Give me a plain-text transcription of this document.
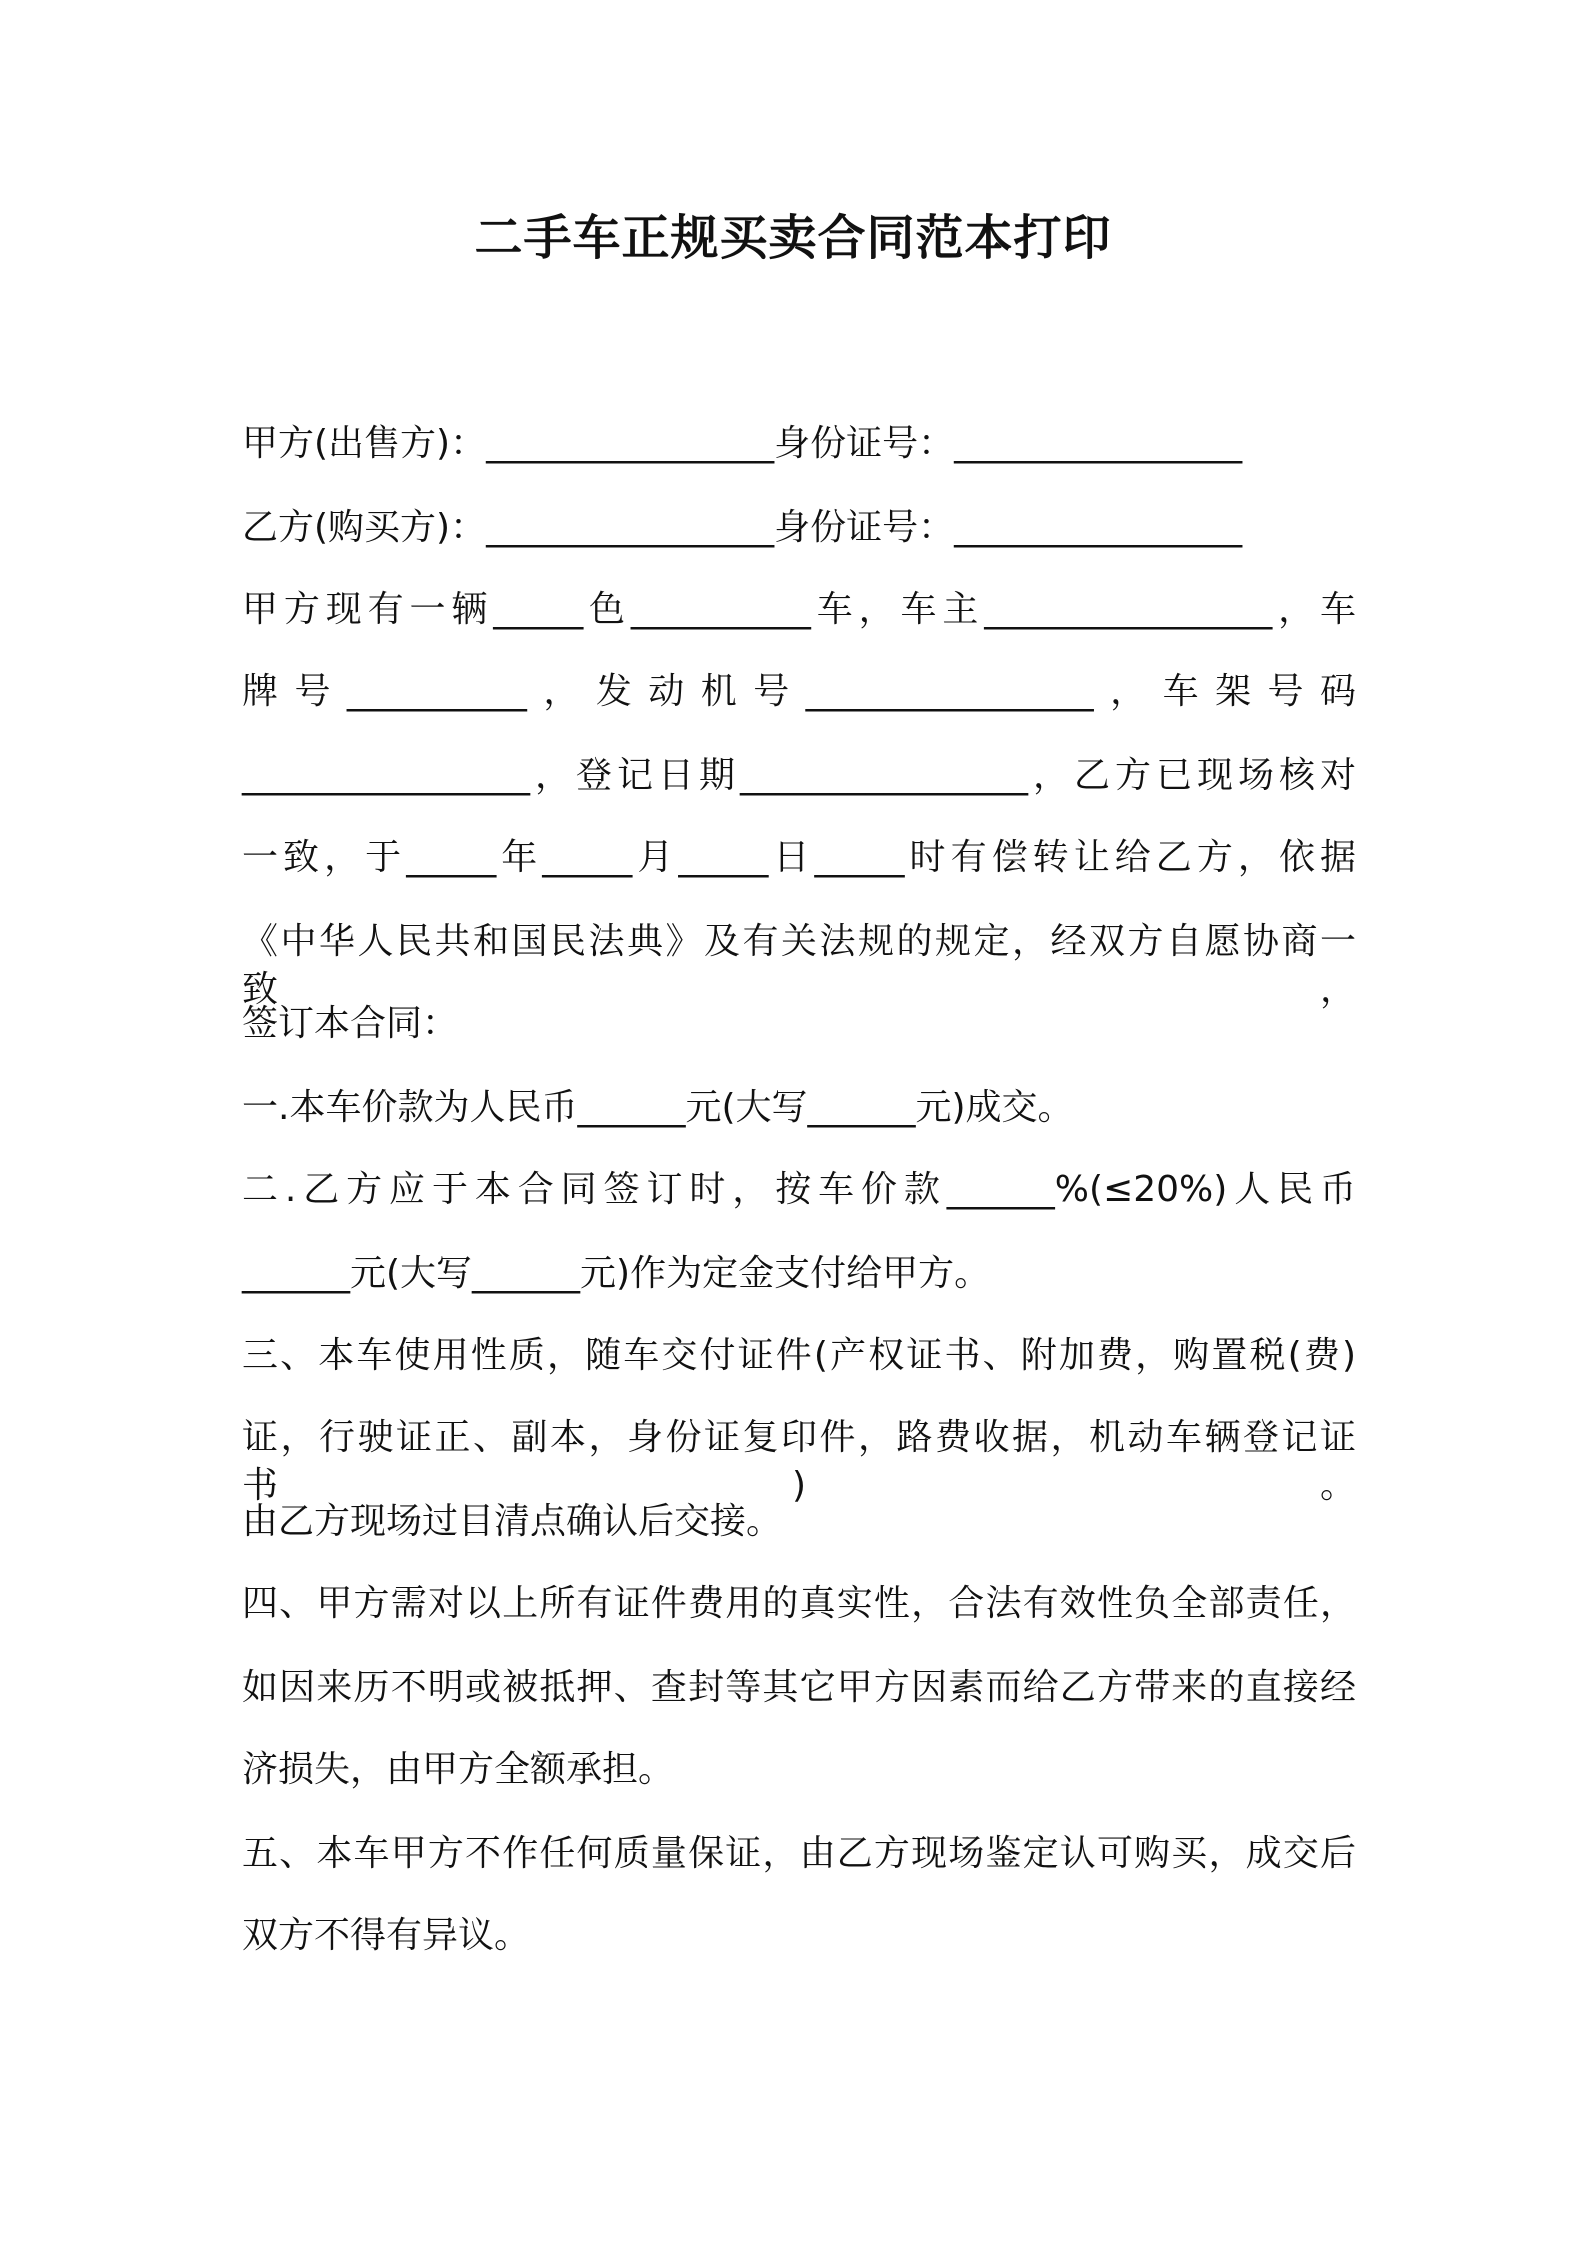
二手车正规买卖合同范本打印
甲方(出售方)：________________身份证号：________________
乙方(购买方)：________________身份证号：________________
甲方现有一辆_____色__________车，车主________________，车
牌号__________，发动机号________________，车架号码
________________，登记日期________________，乙方已现场核对
一致，于_____年_____月_____日_____时有偿转让给乙方，依据
《中华人民共和国民法典》及有关法规的规定，经双方自愿协商一致，
签订本合同：
一.本车价款为人民币______元(大写______元)成交。
二.乙方应于本合同签订时，按车价款______%(≤20%)人民币
______元(大写______元)作为定金支付给甲方。
三、本车使用性质，随车交付证件(产权证书、附加费，购置税(费)
证，行驶证正、副本，身份证复印件，路费收据，机动车辆登记证书)。
由乙方现场过目清点确认后交接。
四、甲方需对以上所有证件费用的真实性，合法有效性负全部责任，
如因来历不明或被抵押、查封等其它甲方因素而给乙方带来的直接经
济损失，由甲方全额承担。
五、本车甲方不作任何质量保证，由乙方现场鉴定认可购买，成交后
双方不得有异议。
